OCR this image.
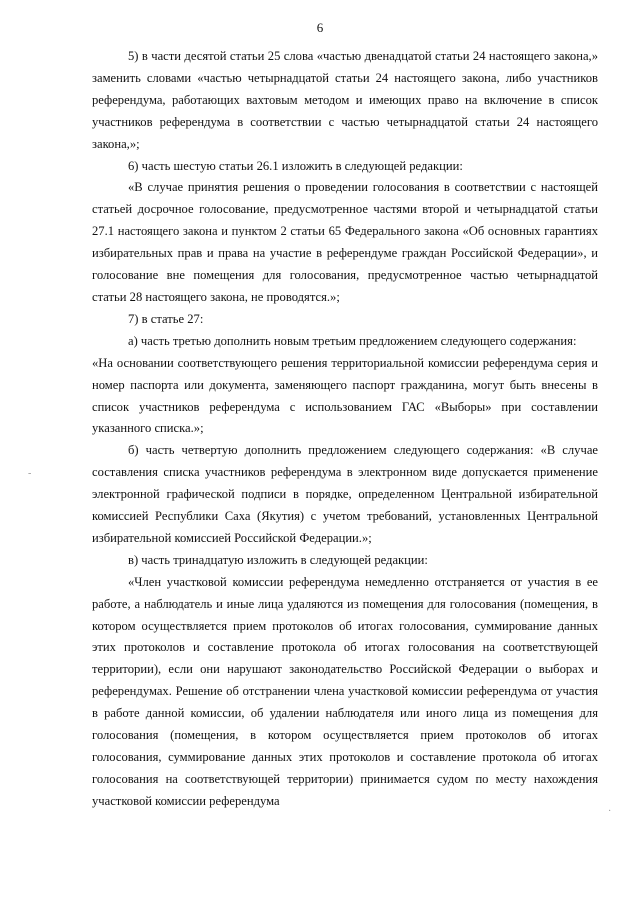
6
-
·

5) в части десятой статьи 25 слова «частью двенадцатой статьи 24 настоящего закона,» заменить словами «частью четырнадцатой статьи 24 настоящего закона, либо участников референдума, работающих вахтовым методом и имеющих право на включение в список участников референдума в соответствии с частью четырнадцатой статьи 24 настоящего закона,»;

6) часть шестую статьи 26.1 изложить в следующей редакции:

«В случае принятия решения о проведении голосования в соответствии с настоящей статьей досрочное голосование, предусмотренное частями второй и четырнадцатой статьи 27.1 настоящего закона и пунктом 2 статьи 65 Федерального закона «Об основных гарантиях избирательных прав и права на участие в референдуме граждан Российской Федерации», и голосование вне помещения для голосования, предусмотренное частью четырнадцатой статьи 28 настоящего закона, не проводятся.»;

7) в статье 27:

а) часть третью дополнить новым третьим предложением следующего содержания:

«На основании соответствующего решения территориальной комиссии референдума серия и номер паспорта или документа, заменяющего паспорт гражданина, могут быть внесены в список участников референдума с использованием ГАС «Выборы» при составлении указанного списка.»;

б) часть четвертую дополнить предложением следующего содержания: «В случае составления списка участников референдума в электронном виде допускается применение электронной графической подписи в порядке, определенном Центральной избирательной комиссией Республики Саха (Якутия) с учетом требований, установленных Центральной избирательной комиссией Российской Федерации.»;

в) часть тринадцатую изложить в следующей редакции:

«Член участковой комиссии референдума немедленно отстраняется от участия в ее работе, а наблюдатель и иные лица удаляются из помещения для голосования (помещения, в котором осуществляется прием протоколов об итогах голосования, суммирование данных этих протоколов и составление протокола об итогах голосования на соответствующей территории), если они нарушают законодательство Российской Федерации о выборах и референдумах. Решение об отстранении члена участковой комиссии референдума от участия в работе данной комиссии, об удалении наблюдателя или иного лица из помещения для голосования (помещения, в котором осуществляется прием протоколов об итогах голосования, суммирование данных этих протоколов и составление протокола об итогах голосования на соответствующей территории) принимается судом по месту нахождения участковой комиссии референдума
